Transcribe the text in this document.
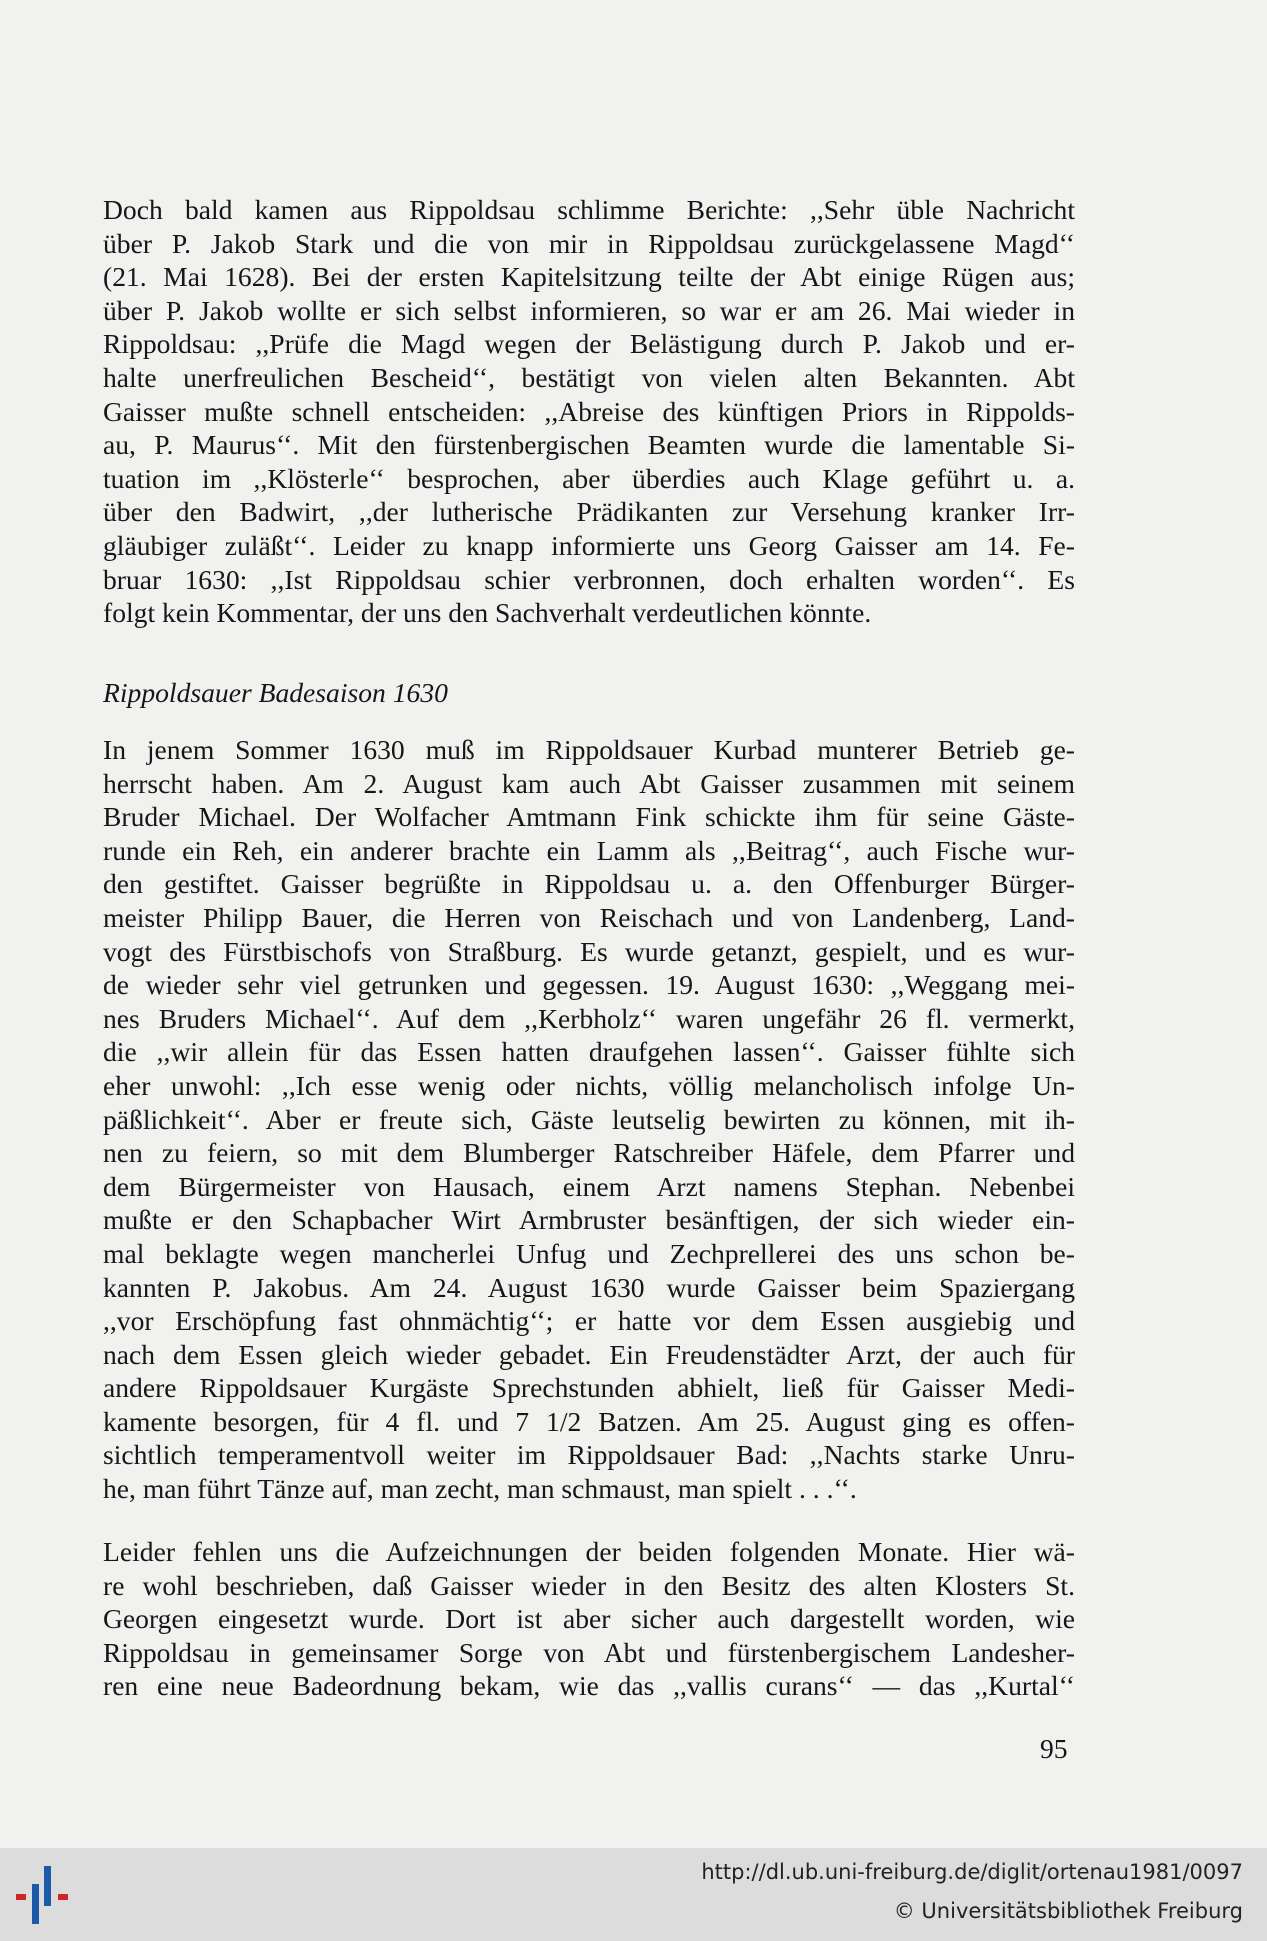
Doch bald kamen aus Rippoldsau schlimme Berichte: ,,Sehr üble Nachricht
über P. Jakob Stark und die von mir in Rippoldsau zurückgelassene Magd‘‘
(21. Mai 1628). Bei der ersten Kapitelsitzung teilte der Abt einige Rügen aus;
über P. Jakob wollte er sich selbst informieren, so war er am 26. Mai wieder in
Rippoldsau: ,,Prüfe die Magd wegen der Belästigung durch P. Jakob und er-
halte unerfreulichen Bescheid‘‘, bestätigt von vielen alten Bekannten. Abt
Gaisser mußte schnell entscheiden: ,,Abreise des künftigen Priors in Rippolds-
au, P. Maurus‘‘. Mit den fürstenbergischen Beamten wurde die lamentable Si-
tuation im ,,Klösterle‘‘ besprochen, aber überdies auch Klage geführt u. a.
über den Badwirt, ,,der lutherische Prädikanten zur Versehung kranker Irr-
gläubiger zuläßt‘‘. Leider zu knapp informierte uns Georg Gaisser am 14. Fe-
bruar 1630: ,,Ist Rippoldsau schier verbronnen, doch erhalten worden‘‘. Es
folgt kein Kommentar, der uns den Sachverhalt verdeutlichen könnte.
Rippoldsauer Badesaison 1630
In jenem Sommer 1630 muß im Rippoldsauer Kurbad munterer Betrieb ge-
herrscht haben. Am 2. August kam auch Abt Gaisser zusammen mit seinem
Bruder Michael. Der Wolfacher Amtmann Fink schickte ihm für seine Gäste-
runde ein Reh, ein anderer brachte ein Lamm als ,,Beitrag‘‘, auch Fische wur-
den gestiftet. Gaisser begrüßte in Rippoldsau u. a. den Offenburger Bürger-
meister Philipp Bauer, die Herren von Reischach und von Landenberg, Land-
vogt des Fürstbischofs von Straßburg. Es wurde getanzt, gespielt, und es wur-
de wieder sehr viel getrunken und gegessen. 19. August 1630: ,,Weggang mei-
nes Bruders Michael‘‘. Auf dem ,,Kerbholz‘‘ waren ungefähr 26 fl. vermerkt,
die ,,wir allein für das Essen hatten draufgehen lassen‘‘. Gaisser fühlte sich
eher unwohl: ,,Ich esse wenig oder nichts, völlig melancholisch infolge Un-
päßlichkeit‘‘. Aber er freute sich, Gäste leutselig bewirten zu können, mit ih-
nen zu feiern, so mit dem Blumberger Ratschreiber Häfele, dem Pfarrer und
dem Bürgermeister von Hausach, einem Arzt namens Stephan. Nebenbei
mußte er den Schapbacher Wirt Armbruster besänftigen, der sich wieder ein-
mal beklagte wegen mancherlei Unfug und Zechprellerei des uns schon be-
kannten P. Jakobus. Am 24. August 1630 wurde Gaisser beim Spaziergang
,,vor Erschöpfung fast ohnmächtig‘‘; er hatte vor dem Essen ausgiebig und
nach dem Essen gleich wieder gebadet. Ein Freudenstädter Arzt, der auch für
andere Rippoldsauer Kurgäste Sprechstunden abhielt, ließ für Gaisser Medi-
kamente besorgen, für 4 fl. und 7 1/2 Batzen. Am 25. August ging es offen-
sichtlich temperamentvoll weiter im Rippoldsauer Bad: ,,Nachts starke Unru-
he, man führt Tänze auf, man zecht, man schmaust, man spielt . . .‘‘.
Leider fehlen uns die Aufzeichnungen der beiden folgenden Monate. Hier wä-
re wohl beschrieben, daß Gaisser wieder in den Besitz des alten Klosters St.
Georgen eingesetzt wurde. Dort ist aber sicher auch dargestellt worden, wie
Rippoldsau in gemeinsamer Sorge von Abt und fürstenbergischem Landesher-
ren eine neue Badeordnung bekam, wie das ,,vallis curans‘‘ — das ,,Kurtal‘‘
95
http://dl.ub.uni-freiburg.de/diglit/ortenau1981/0097
© Universitätsbibliothek Freiburg
